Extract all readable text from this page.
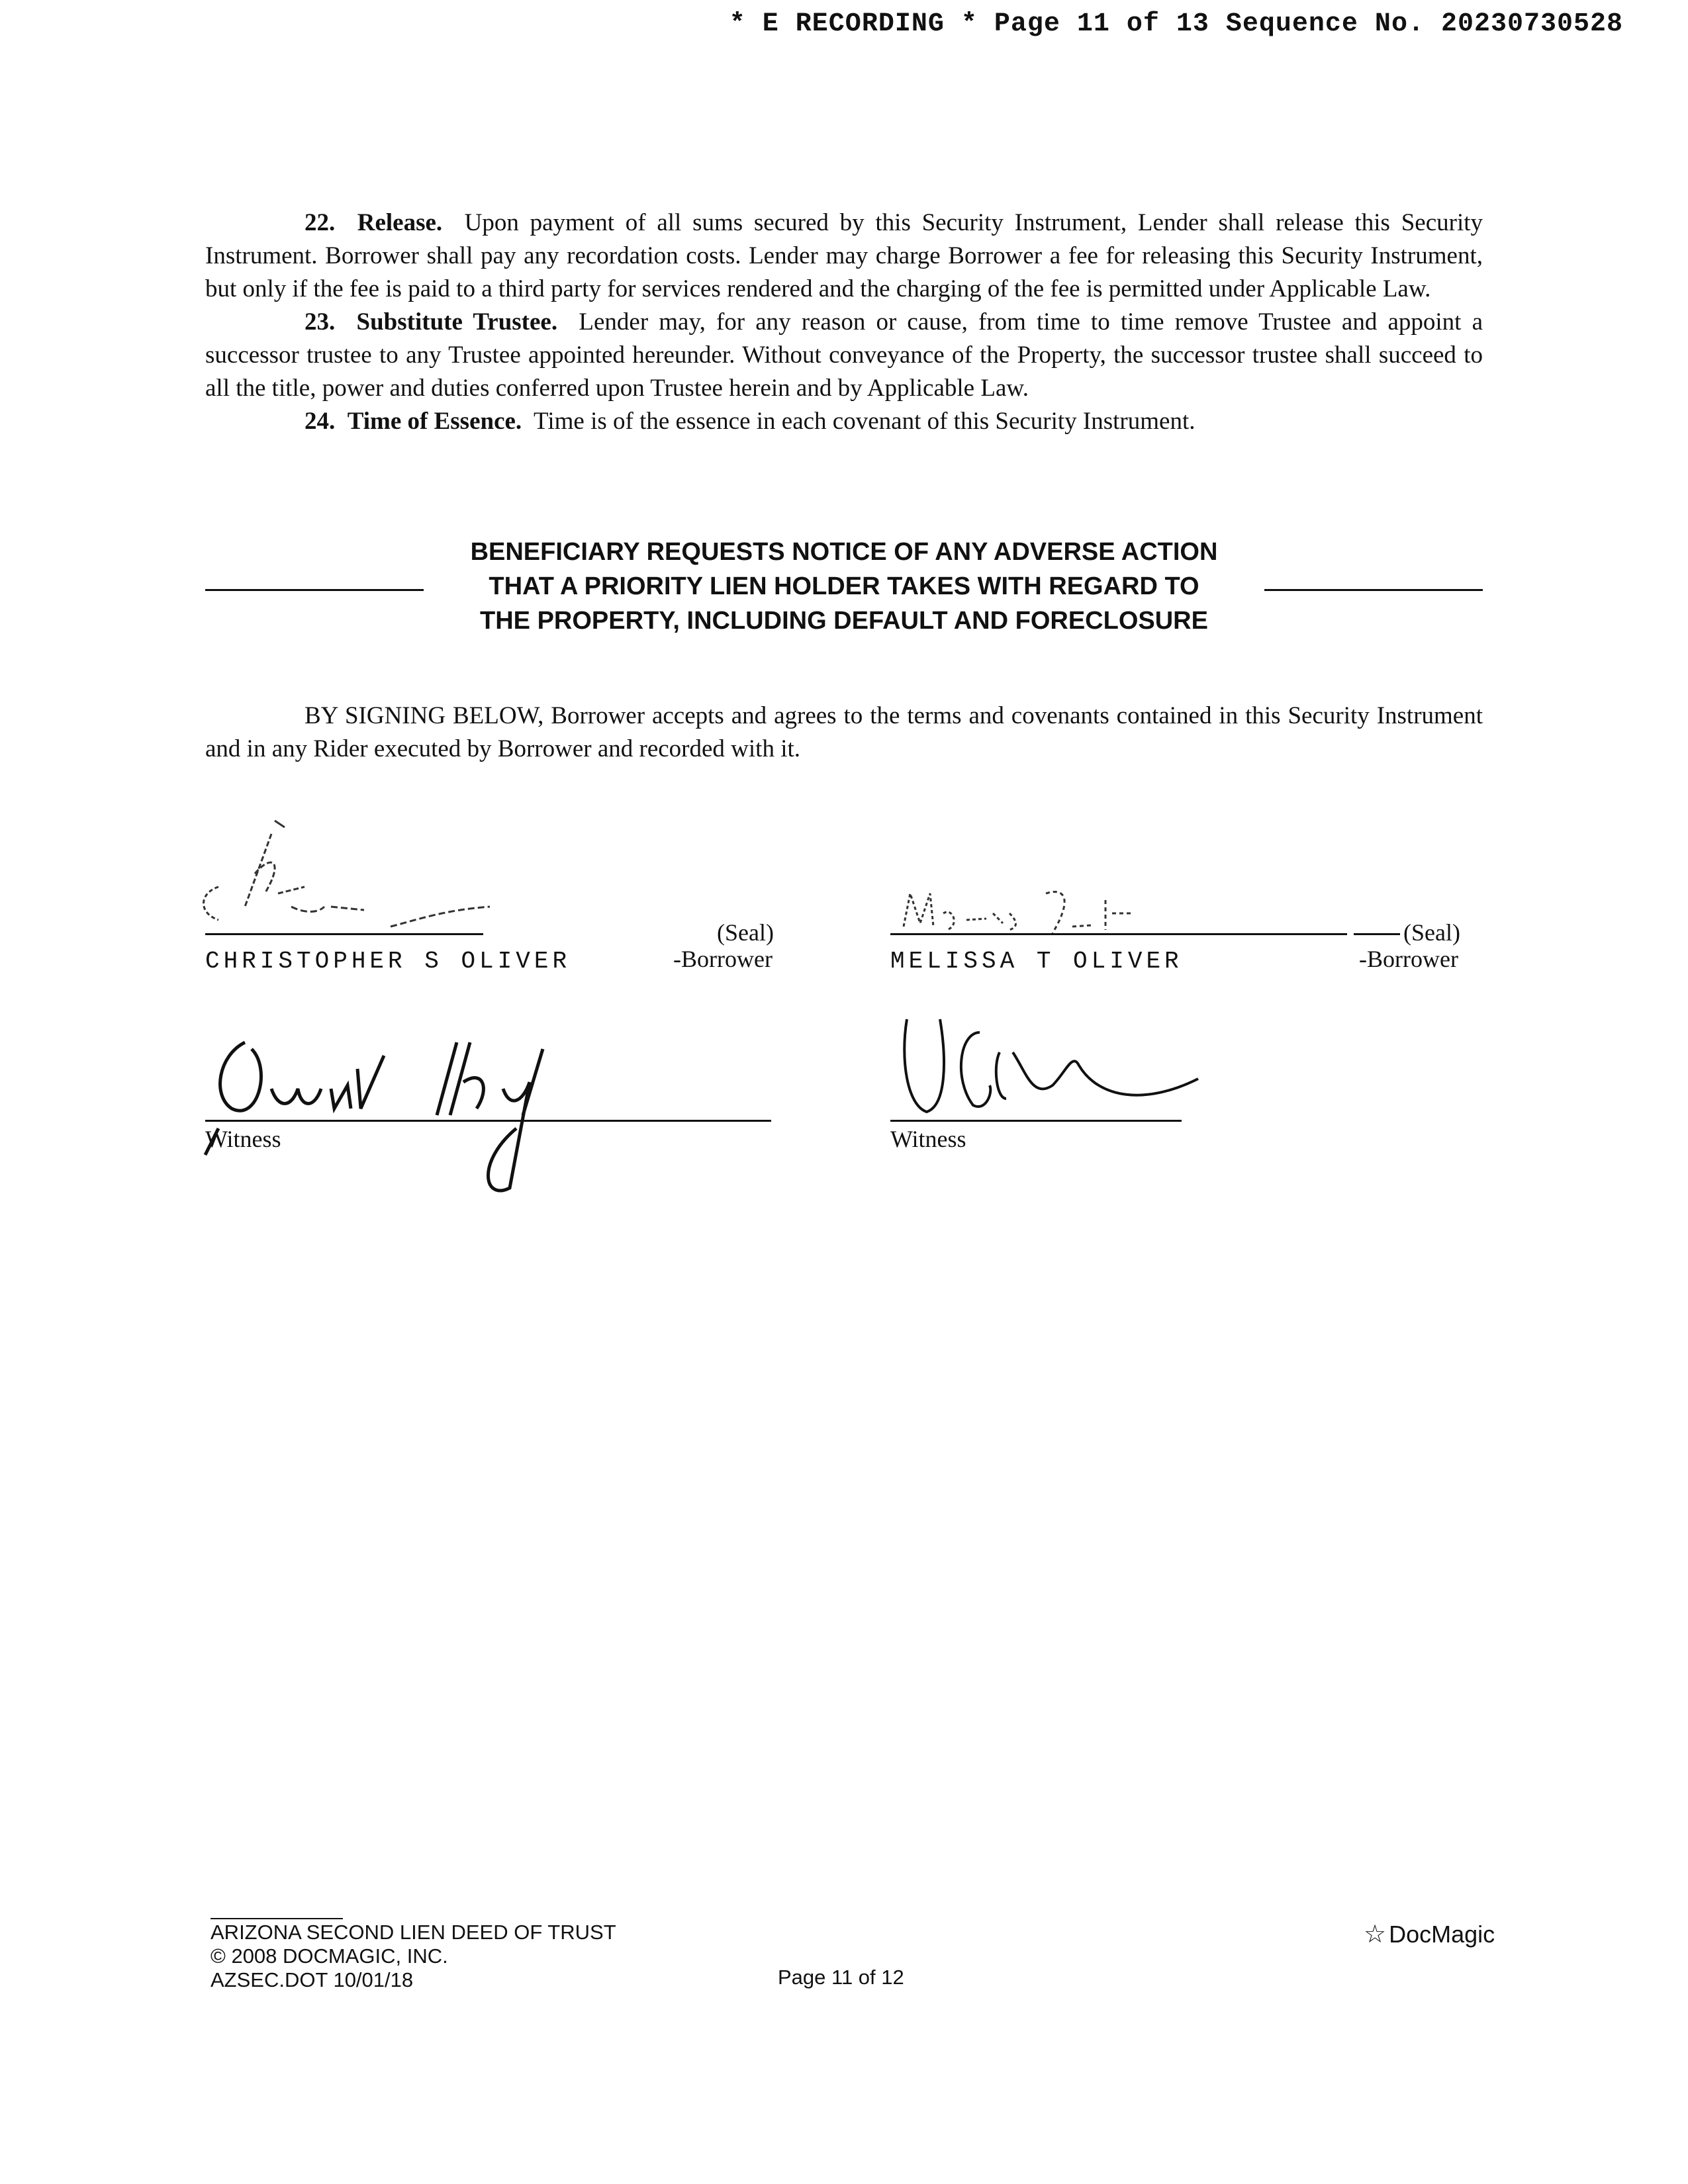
* E RECORDING * Page 11 of 13 Sequence No. 20230730528

22. Release. Upon payment of all sums secured by this Security Instrument, Lender shall release this Security Instrument. Borrower shall pay any recordation costs. Lender may charge Borrower a fee for releasing this Security Instrument, but only if the fee is paid to a third party for services rendered and the charging of the fee is permitted under Applicable Law.

23. Substitute Trustee. Lender may, for any reason or cause, from time to time remove Trustee and appoint a successor trustee to any Trustee appointed hereunder. Without conveyance of the Property, the successor trustee shall succeed to all the title, power and duties conferred upon Trustee herein and by Applicable Law.

24. Time of Essence. Time is of the essence in each covenant of this Security Instrument.

BENEFICIARY REQUESTS NOTICE OF ANY ADVERSE ACTION
THAT A PRIORITY LIEN HOLDER TAKES WITH REGARD TO
THE PROPERTY, INCLUDING DEFAULT AND FORECLOSURE

BY SIGNING BELOW, Borrower accepts and agrees to the terms and covenants contained in this Security Instrument and in any Rider executed by Borrower and recorded with it.

(Seal)
-Borrower
CHRISTOPHER S OLIVER
(Seal)
-Borrower
MELISSA T OLIVER
Witness	Witness
ARIZONA SECOND LIEN DEED OF TRUST
© 2008 DOCMAGIC, INC.
AZSEC.DOT 10/01/18	Page 11 of 12
☆ DocMagic
